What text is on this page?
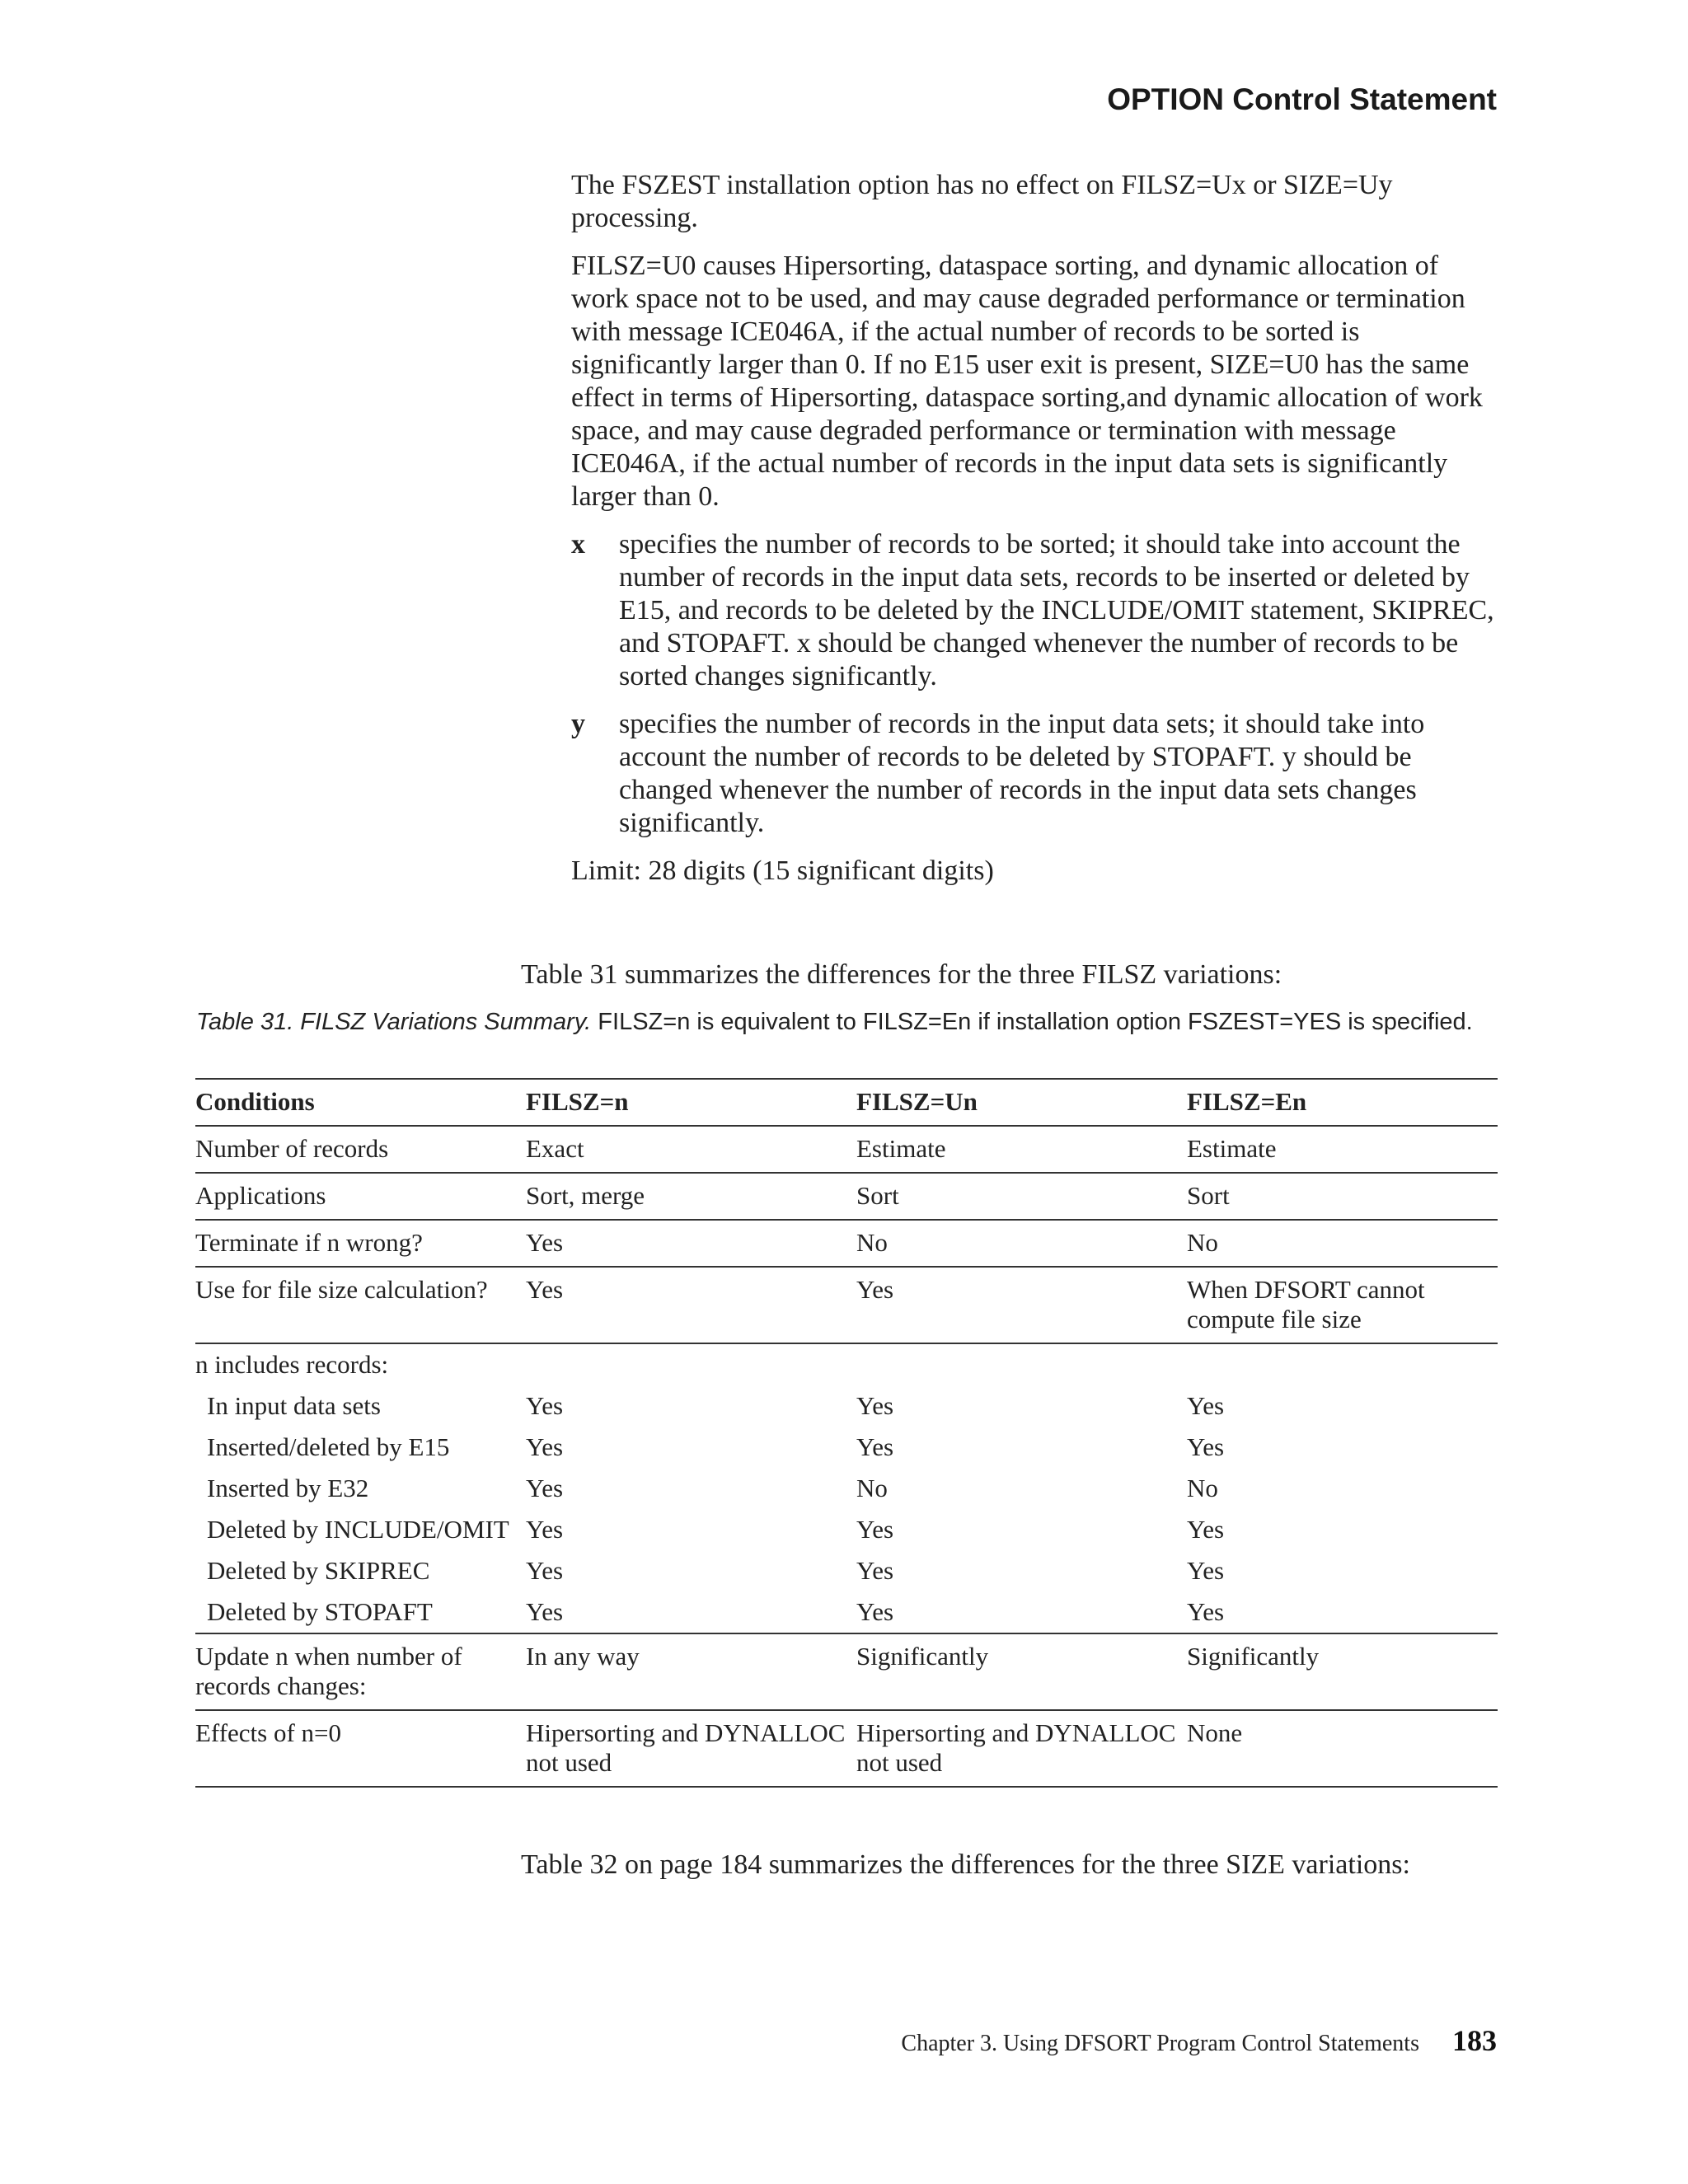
OPTION Control Statement

The FSZEST installation option has no effect on FILSZ=Ux or SIZE=Uy processing.

FILSZ=U0 causes Hipersorting, dataspace sorting, and dynamic allocation of work space not to be used, and may cause degraded performance or termination with message ICE046A, if the actual number of records to be sorted is significantly larger than 0. If no E15 user exit is present, SIZE=U0 has the same effect in terms of Hipersorting, dataspace sorting,and dynamic allocation of work space, and may cause degraded performance or termination with message ICE046A, if the actual number of records in the input data sets is significantly larger than 0.

x	specifies the number of records to be sorted; it should take into account the number of records in the input data sets, records to be inserted or deleted by E15, and records to be deleted by the INCLUDE/OMIT statement, SKIPREC, and STOPAFT. x should be changed whenever the number of records to be sorted changes significantly.
y	specifies the number of records in the input data sets; it should take into account the number of records to be deleted by STOPAFT. y should be changed whenever the number of records in the input data sets changes significantly.

Limit: 28 digits (15 significant digits)

Table 31 summarizes the differences for the three FILSZ variations:

Table 31. FILSZ Variations Summary. FILSZ=n is equivalent to FILSZ=En if installation option FSZEST=YES is specified.

Conditions	FILSZ=n	FILSZ=Un	FILSZ=En
Number of records	Exact	Estimate	Estimate
Applications	Sort, merge	Sort	Sort
Terminate if n wrong?	Yes	No	No
Use for file size calculation?	Yes	Yes	When DFSORT cannot compute file size
n includes records:			
In input data sets	Yes	Yes	Yes
Inserted/deleted by E15	Yes	Yes	Yes
Inserted by E32	Yes	No	No
Deleted by INCLUDE/OMIT	Yes	Yes	Yes
Deleted by SKIPREC	Yes	Yes	Yes
Deleted by STOPAFT	Yes	Yes	Yes
Update n when number of records changes:	In any way	Significantly	Significantly
Effects of n=0	Hipersorting and DYNALLOC not used	Hipersorting and DYNALLOC not used	None

Table 32 on page 184 summarizes the differences for the three SIZE variations:

Chapter 3. Using DFSORT Program Control Statements 183
